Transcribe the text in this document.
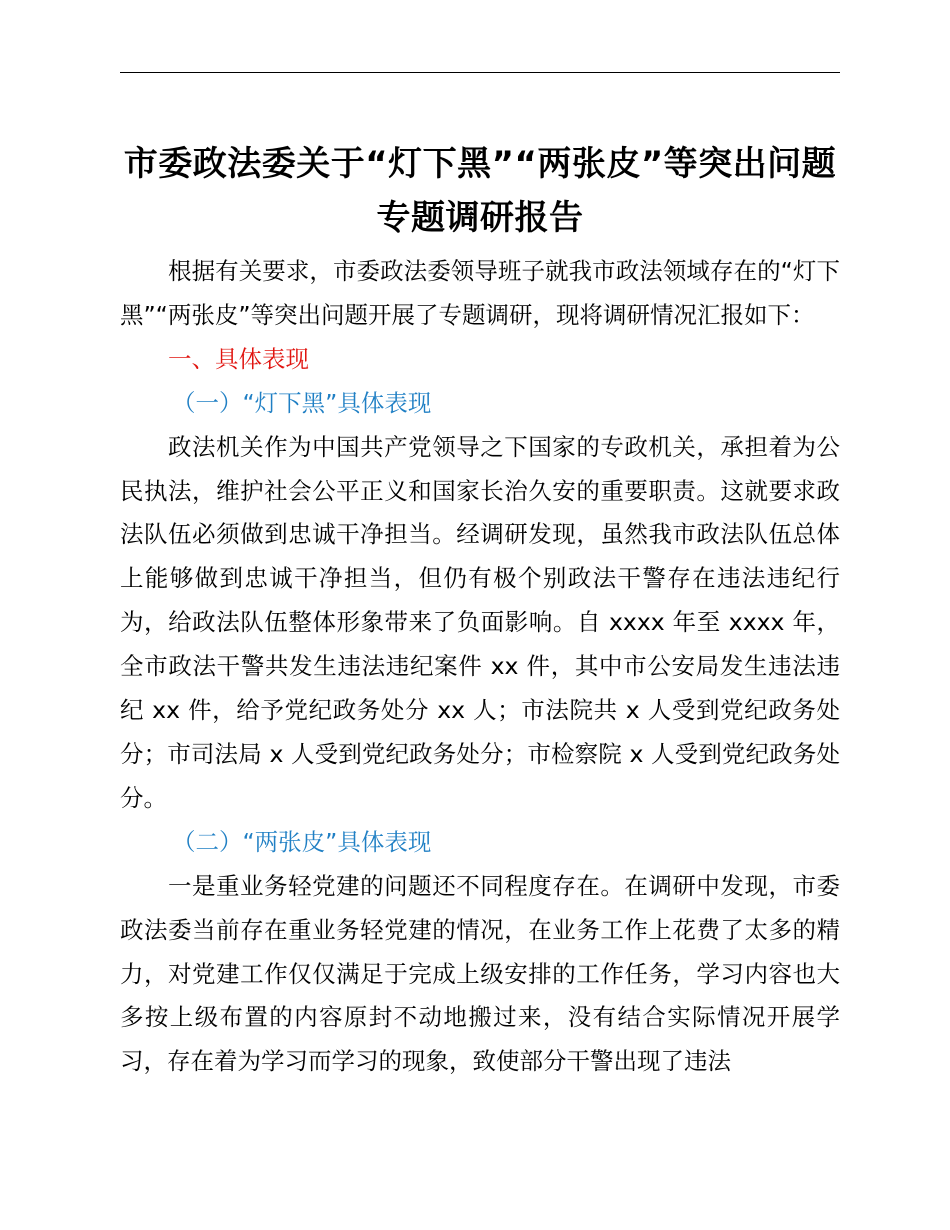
市委政法委关于“灯下黑”“两张皮”等突出问题
专题调研报告

根据有关要求，市委政法委领导班子就我市政法领域存在的“灯下黑”“两张皮”等突出问题开展了专题调研，现将调研情况汇报如下：

一、具体表现

（一）“灯下黑”具体表现

政法机关作为中国共产党领导之下国家的专政机关，承担着为公民执法，维护社会公平正义和国家长治久安的重要职责。这就要求政法队伍必须做到忠诚干净担当。经调研发现，虽然我市政法队伍总体上能够做到忠诚干净担当，但仍有极个别政法干警存在违法违纪行为，给政法队伍整体形象带来了负面影响。自 xxxx 年至 xxxx 年，全市政法干警共发生违法违纪案件 xx 件，其中市公安局发生违法违纪 xx 件，给予党纪政务处分 xx 人；市法院共 x 人受到党纪政务处分；市司法局 x 人受到党纪政务处分；市检察院 x 人受到党纪政务处分。

（二）“两张皮”具体表现

一是重业务轻党建的问题还不同程度存在。在调研中发现，市委政法委当前存在重业务轻党建的情况，在业务工作上花费了太多的精力，对党建工作仅仅满足于完成上级安排的工作任务，学习内容也大多按上级布置的内容原封不动地搬过来，没有结合实际情况开展学习，存在着为学习而学习的现象，致使部分干警出现了违法
